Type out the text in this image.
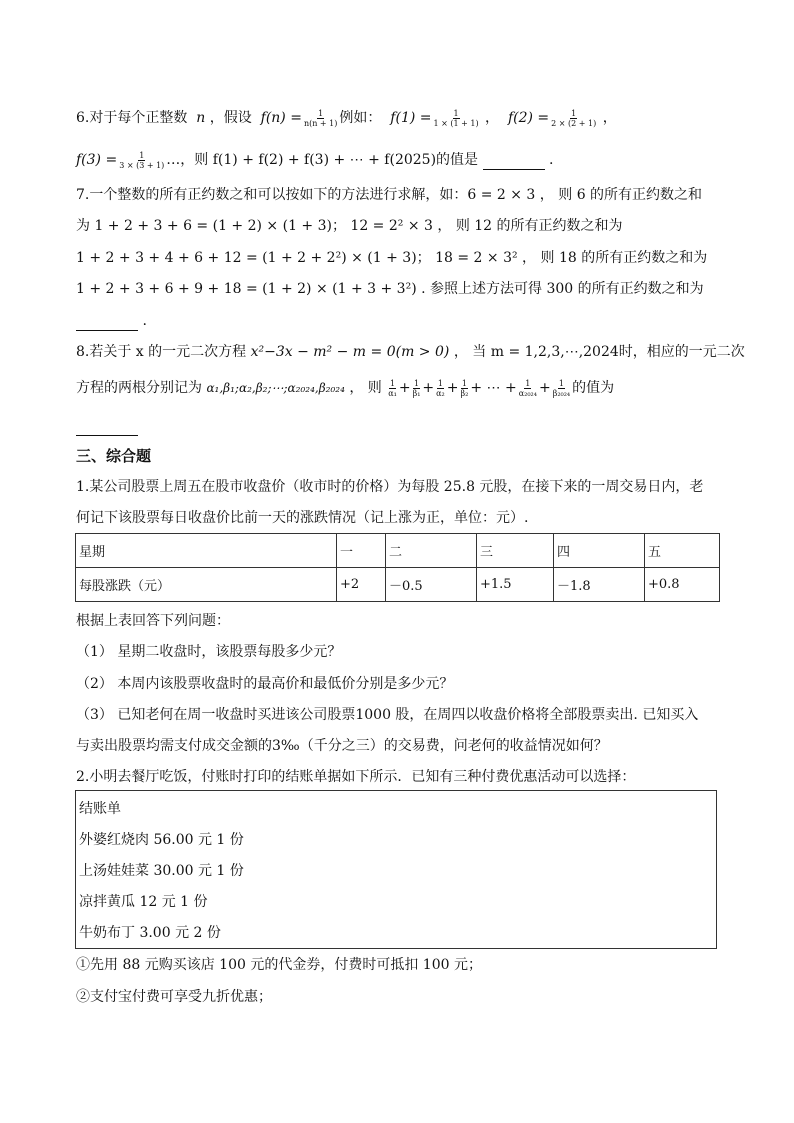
6.对于每个正整数  n ，假设  $f(n) = \frac{1}{n(n + 1)}$ 例如：  $f(1) = \frac{1}{1 \times (1 + 1)}$ ，  $f(2) = \frac{1}{2 \times (2 + 1)}$ ，
$f(3) = \frac{1}{3 \times (3 + 1)}$ …，则 f(1) + f(2) + f(3) + ⋯ + f(2025)的值是	.
7.一个整数的所有正约数之和可以按如下的方法进行求解，如：6 = 2 × 3 ， 则 6 的所有正约数之和
为 1 + 2 + 3 + 6 = (1 + 2) × (1 + 3)； 12 = 2² × 3 ， 则 12 的所有正约数之和为
1 + 2 + 3 + 4 + 6 + 12 = (1 + 2 + 2²) × (1 + 3)； 18 = 2 × 3² ， 则 18 的所有正约数之和为
1 + 2 + 3 + 6 + 9 + 18 = (1 + 2) × (1 + 3 + 3²) . 参照上述方法可得 300 的所有正约数之和为
.
8.若关于 x 的一元二次方程 x²−3x − m² − m = 0(m > 0) ， 当 m = 1,2,3,⋯,2024时，相应的一元二次
方程的两根分别记为 α₁,β₁;α₂,β₂;⋯;α₂₀₂₄,β₂₀₂₄ ， 则 $\frac{1}{\text{α₁}} + \frac{1}{\text{β₁}} + \frac{1}{\text{α₂}} + \frac{1}{\text{β₂}}$ + ⋯ + $\frac{1}{\text{α₂₀₂₄}} + \frac{1}{\text{β₂₀₂₄}}$ 的值为
三、综合题
1.某公司股票上周五在股市收盘价（收市时的价格）为每股 25.8 元股，在接下来的一周交易日内，老
何记下该股票每日收盘价比前一天的涨跌情况（记上涨为正，单位：元）.
星期	一	二	三	四	五
每股涨跌（元）	+2	－0.5	+1.5	－1.8	+0.8
根据上表回答下列问题：
（1） 星期二收盘时，该股票每股多少元？
（2） 本周内该股票收盘时的最高价和最低价分别是多少元？
（3） 已知老何在周一收盘时买进该公司股票1000 股，在周四以收盘价格将全部股票卖出. 已知买入
与卖出股票均需支付成交金额的3‰（千分之三）的交易费，问老何的收益情况如何？
2.小明去餐厅吃饭，付账时打印的结账单据如下所示．已知有三种付费优惠活动可以选择：
结账单
外婆红烧肉 56.00 元 1 份
上汤娃娃菜 30.00 元 1 份
凉拌黄瓜 12 元 1 份
牛奶布丁 3.00 元 2 份
①先用 88 元购买该店 100 元的代金券，付费时可抵扣 100 元；
②支付宝付费可享受九折优惠；
